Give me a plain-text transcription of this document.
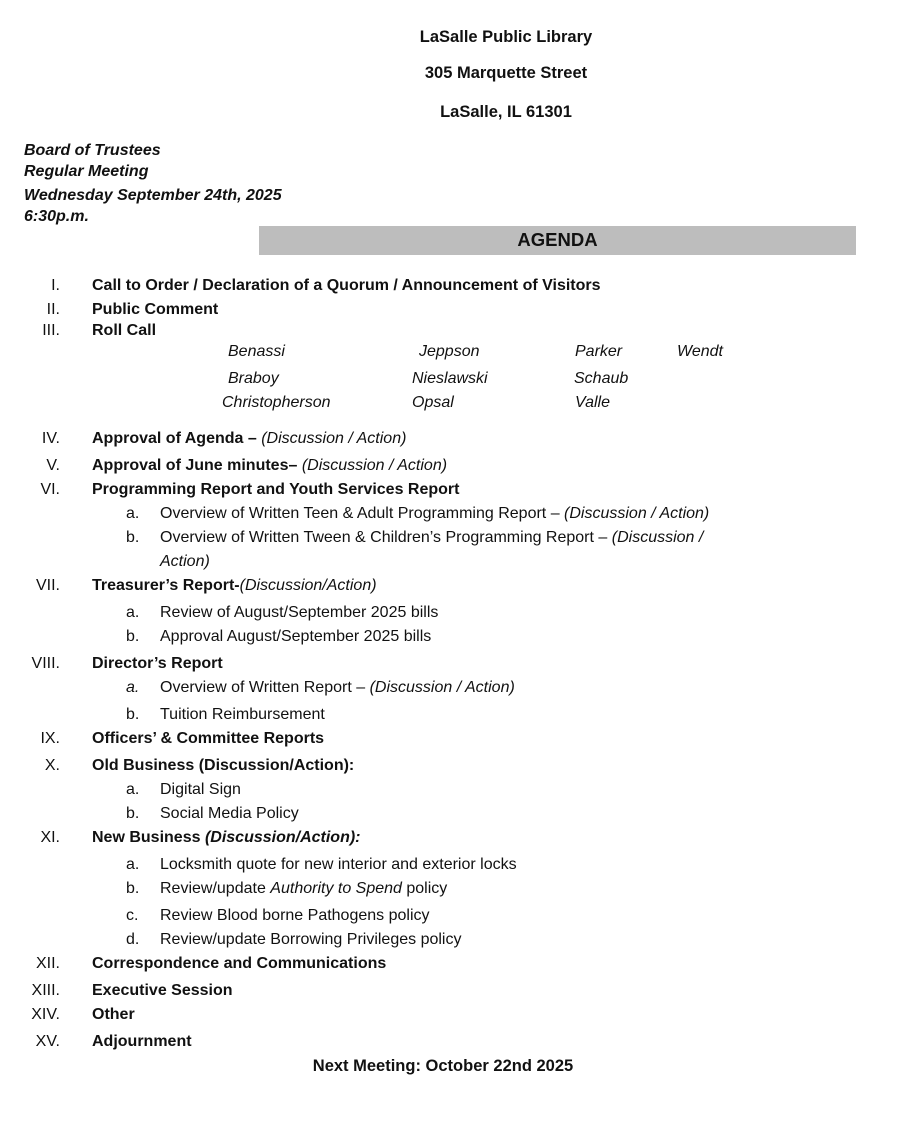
LaSalle Public Library
305 Marquette Street
LaSalle, IL 61301
Board of Trustees
Regular Meeting
Wednesday September 24th, 2025
6:30p.m.
AGENDA
I. Call to Order / Declaration of a Quorum / Announcement of Visitors
II. Public Comment
III. Roll Call
Benassi	Jeppson	Parker	Wendt
Braboy	Nieslawski	Schaub
Christopherson	Opsal	Valle
IV. Approval of Agenda – (Discussion / Action)
V. Approval of June minutes– (Discussion / Action)
VI. Programming Report and Youth Services Report
a.	Overview of Written Teen & Adult Programming Report – (Discussion / Action)
b.	Overview of Written Tween & Children’s Programming Report – (Discussion /
Action)
VII. Treasurer’s Report-(Discussion/Action)
a.	Review of August/September 2025 bills
b.	Approval August/September 2025 bills
VIII. Director’s Report
a.	Overview of Written Report – (Discussion / Action)
b.	Tuition Reimbursement
IX. Officers’ & Committee Reports
X. Old Business (Discussion/Action):
a.	Digital Sign
b.	Social Media Policy
XI. New Business (Discussion/Action):
a.	Locksmith quote for new interior and exterior locks
b.	Review/update Authority to Spend policy
c.	Review Blood borne Pathogens policy
d.	Review/update Borrowing Privileges policy
XII. Correspondence and Communications
XIII. Executive Session
XIV. Other
XV. Adjournment
Next Meeting: October 22nd 2025
